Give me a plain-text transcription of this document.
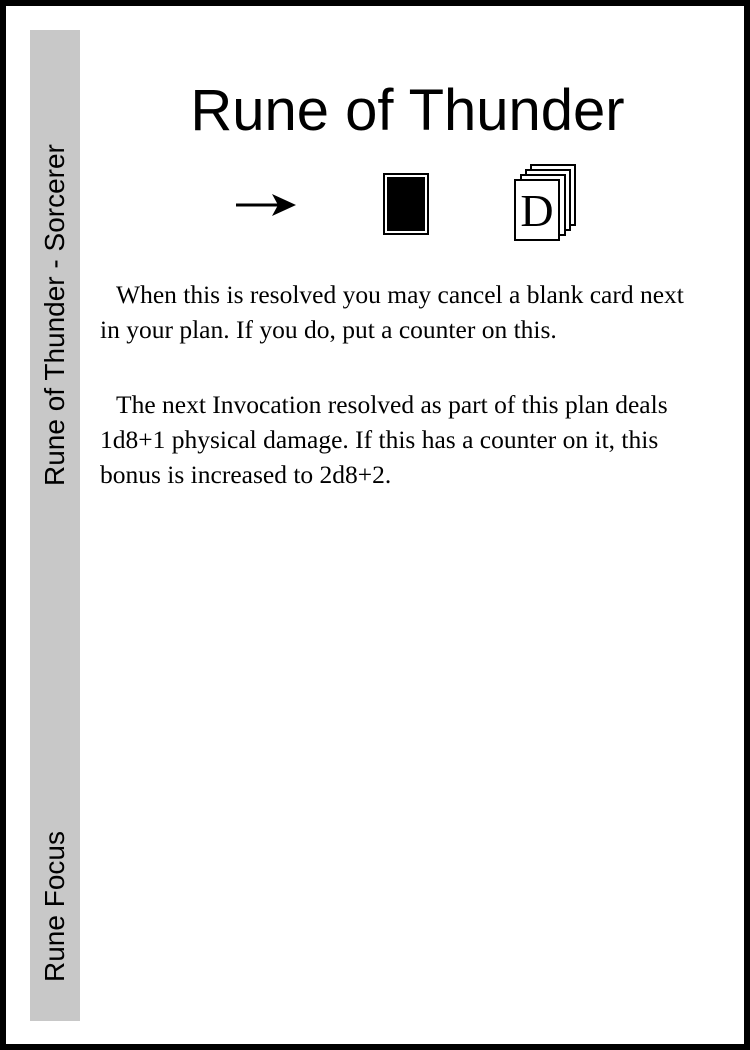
Rune of Thunder - Sorcerer
Rune Focus
Rune of Thunder
D

When this is resolved you may cancel a blank card next in your plan. If you do, put a counter on this.

The next Invocation resolved as part of this plan deals 1d8+1 physical damage. If this has a counter on it, this bonus is increased to 2d8+2.
